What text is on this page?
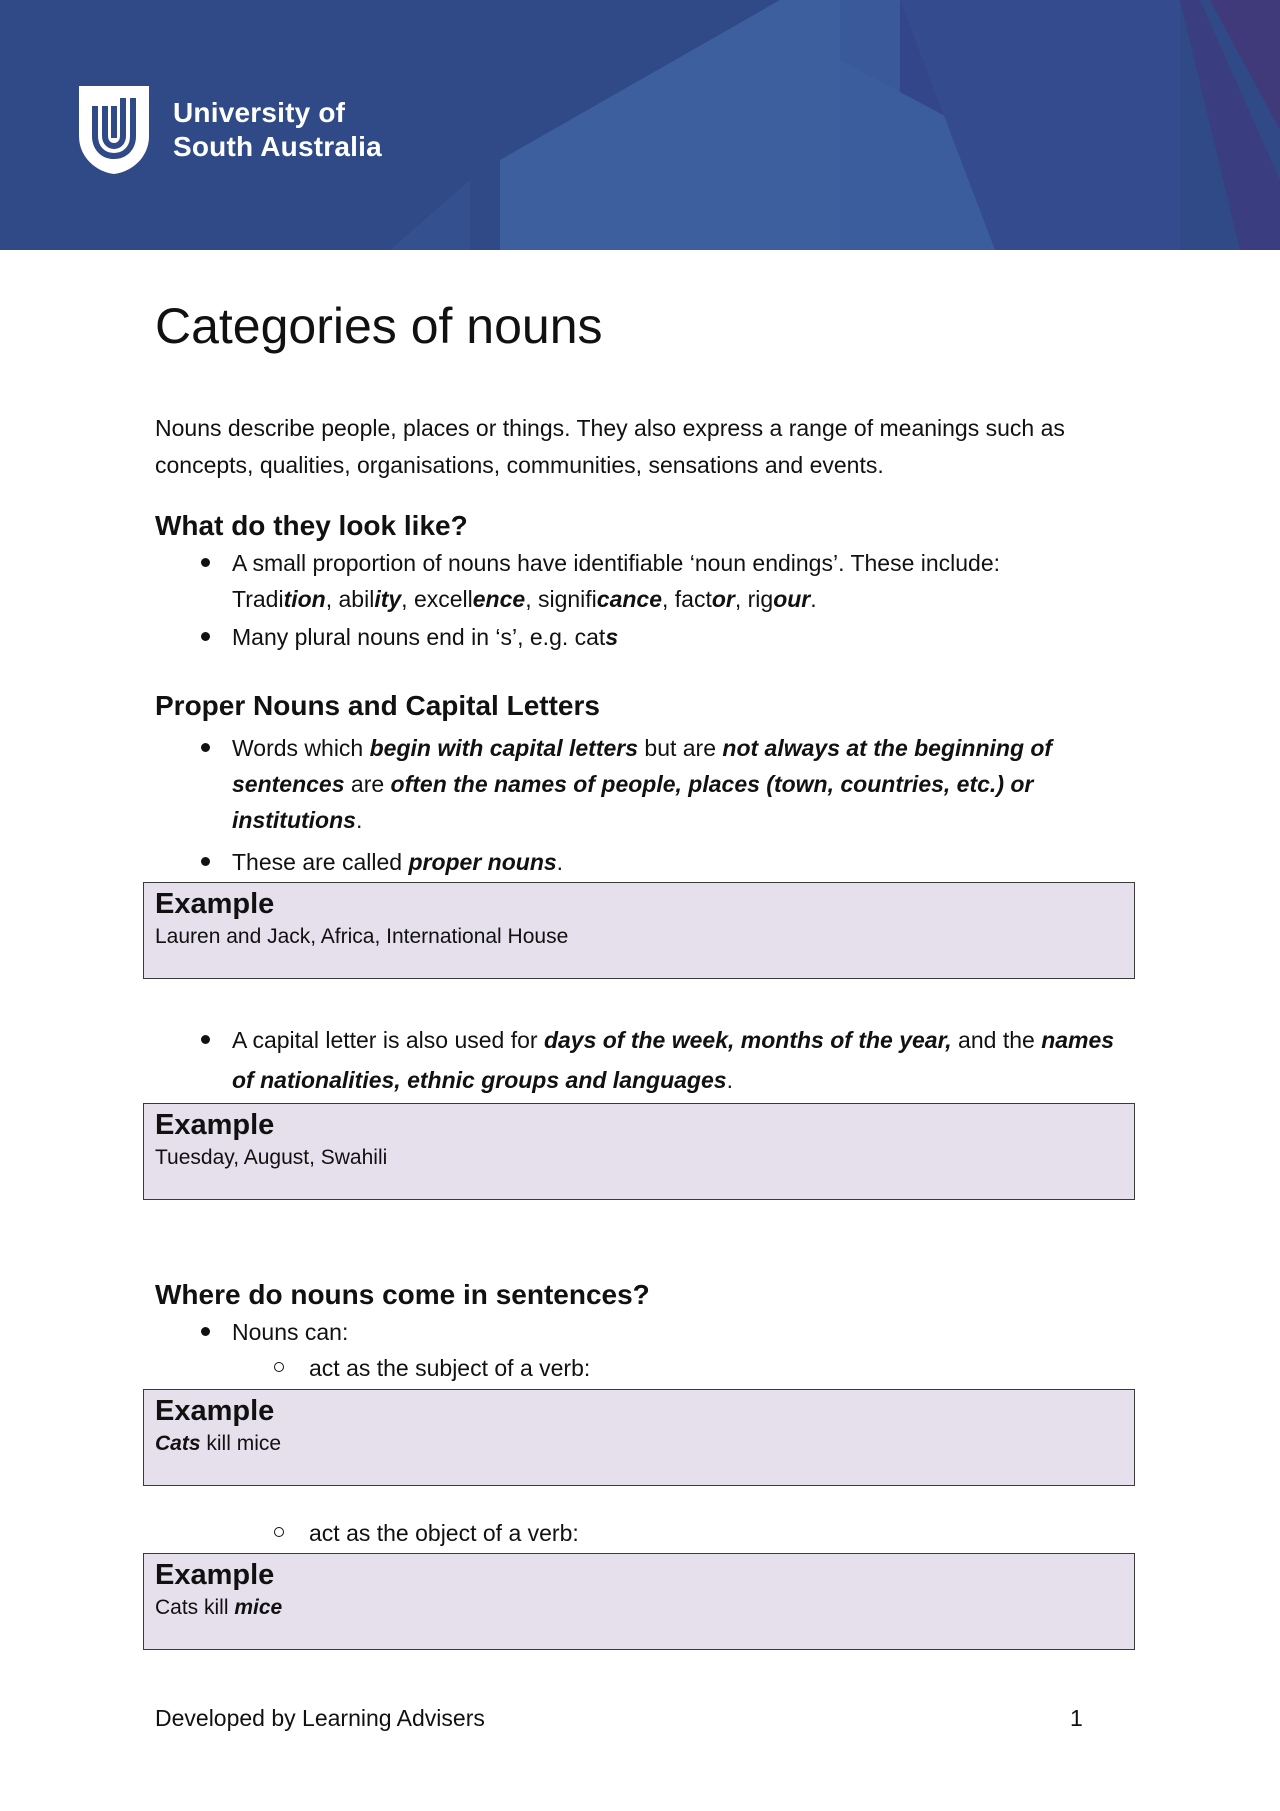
University of
South Australia
Categories of nouns
Nouns describe people, places or things. They also express a range of meanings such as
concepts, qualities, organisations, communities, sensations and events.
What do they look like?
A small proportion of nouns have identifiable ‘noun endings’. These include:
Tradition, ability, excellence, significance, factor, rigour.
Many plural nouns end in ‘s’, e.g. cats
Proper Nouns and Capital Letters
Words which begin with capital letters but are not always at the beginning of
sentences are often the names of people, places (town, countries, etc.) or
institutions.
These are called proper nouns.
Example
Lauren and Jack, Africa, International House
A capital letter is also used for days of the week, months of the year, and the names
of nationalities, ethnic groups and languages.
Example
Tuesday, August, Swahili
Where do nouns come in sentences?
Nouns can:
act as the subject of a verb:
Example
Cats kill mice
act as the object of a verb:
Example
Cats kill mice
Developed by Learning Advisers	1
